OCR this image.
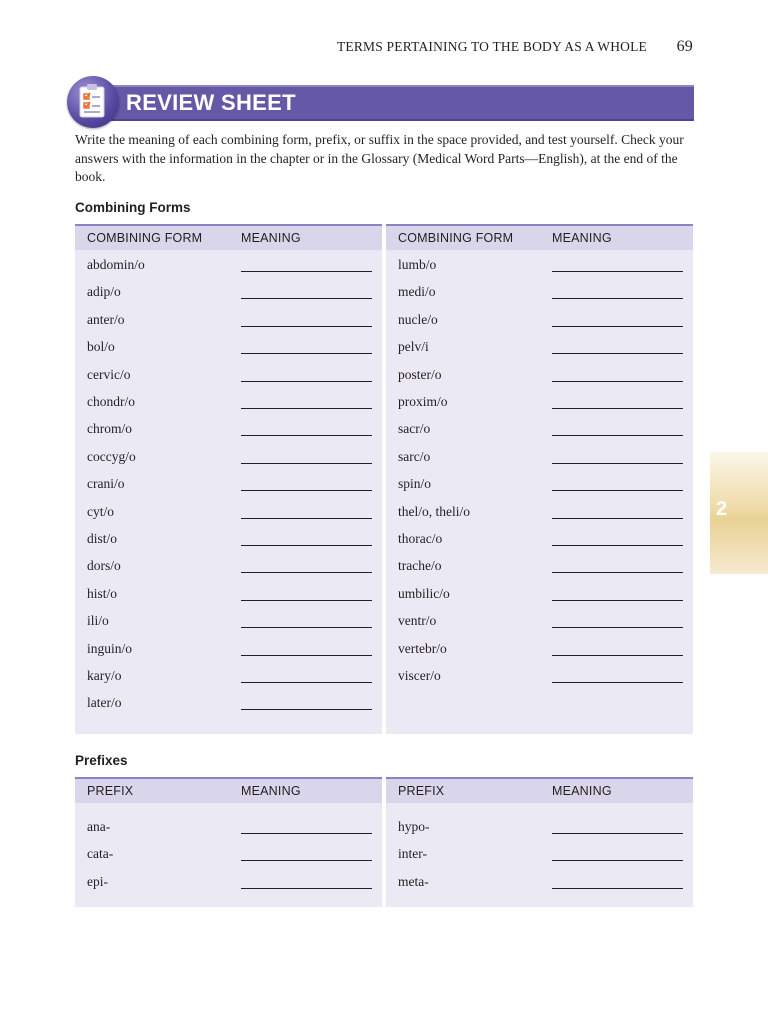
TERMS PERTAINING TO THE BODY AS A WHOLE 69
REVIEW SHEET
Write the meaning of each combining form, prefix, or suffix in the space provided, and test yourself. Check your answers with the information in the chapter or in the Glossary (Medical Word Parts—English), at the end of the book.
Combining Forms
COMBINING FORM	MEANING
abdomin/o
adip/o
anter/o
bol/o
cervic/o
chondr/o
chrom/o
coccyg/o
crani/o
cyt/o
dist/o
dors/o
hist/o
ili/o
inguin/o
kary/o
later/o
COMBINING FORM	MEANING
lumb/o
medi/o
nucle/o
pelv/i
poster/o
proxim/o
sacr/o
sarc/o
spin/o
thel/o, theli/o
thorac/o
trache/o
umbilic/o
ventr/o
vertebr/o
viscer/o
Prefixes
PREFIX	MEANING
ana-
cata-
epi-
PREFIX	MEANING
hypo-
inter-
meta-
2
